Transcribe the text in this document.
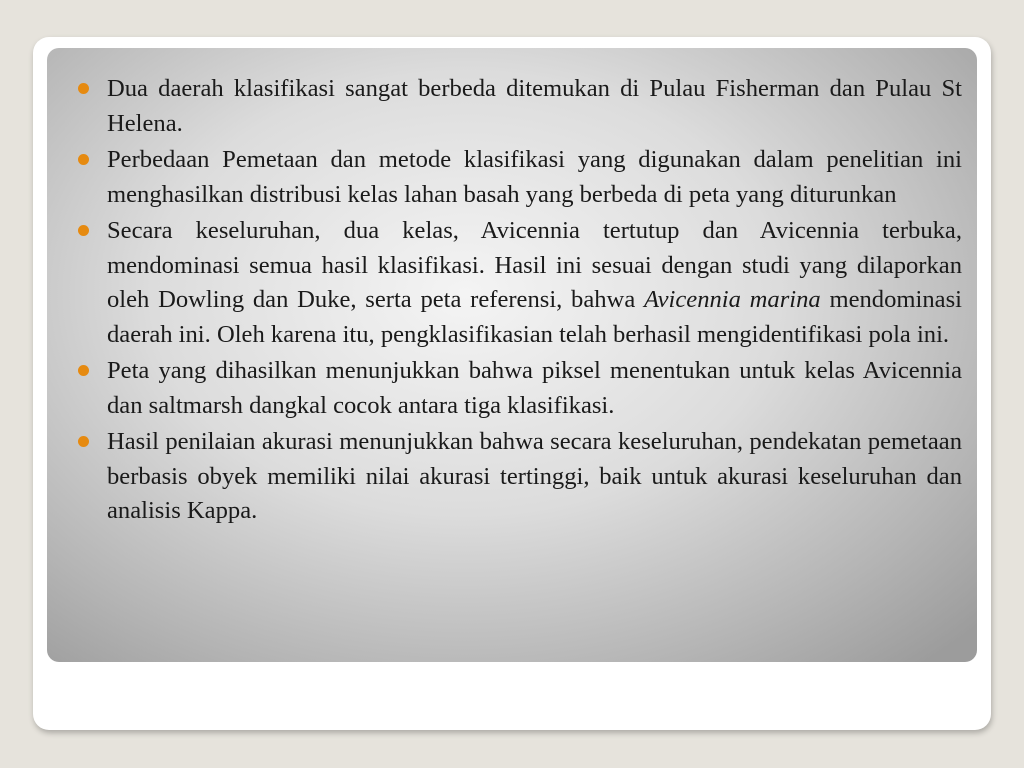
Dua daerah klasifikasi sangat berbeda ditemukan di Pulau Fisherman dan Pulau St Helena.
Perbedaan Pemetaan dan metode klasifikasi yang digunakan dalam penelitian ini menghasilkan distribusi kelas lahan basah yang berbeda di peta yang diturunkan
Secara keseluruhan, dua kelas, Avicennia tertutup dan Avicennia terbuka, mendominasi semua hasil klasifikasi. Hasil ini sesuai dengan studi yang dilaporkan oleh Dowling dan Duke, serta peta referensi, bahwa Avicennia marina mendominasi daerah ini. Oleh karena itu, pengklasifikasian telah berhasil mengidentifikasi pola ini.
Peta yang dihasilkan menunjukkan bahwa piksel menentukan untuk kelas Avicennia dan saltmarsh dangkal cocok antara tiga klasifikasi.
Hasil penilaian akurasi menunjukkan bahwa secara keseluruhan, pendekatan pemetaan berbasis obyek memiliki nilai akurasi tertinggi, baik untuk akurasi keseluruhan dan analisis Kappa.
